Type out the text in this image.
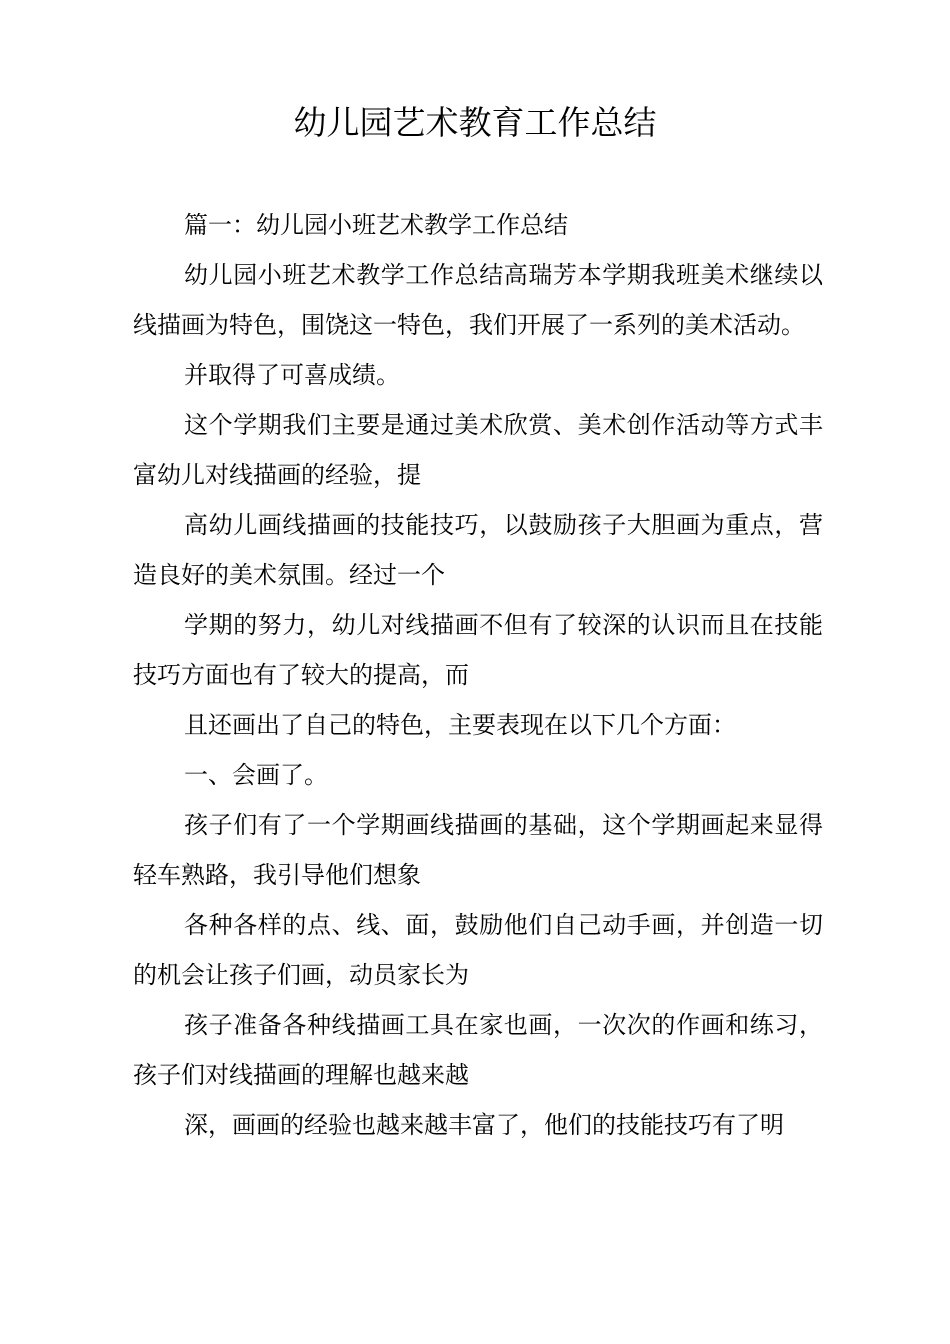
幼儿园艺术教育工作总结

篇一：幼儿园小班艺术教学工作总结

幼儿园小班艺术教学工作总结高瑞芳本学期我班美术继续以线描画为特色，围饶这一特色，我们开展了一系列的美术活动。

并取得了可喜成绩。

这个学期我们主要是通过美术欣赏、美术创作活动等方式丰富幼儿对线描画的经验，提

高幼儿画线描画的技能技巧，以鼓励孩子大胆画为重点，营造良好的美术氛围。经过一个

学期的努力，幼儿对线描画不但有了较深的认识而且在技能技巧方面也有了较大的提高，而

且还画出了自己的特色，主要表现在以下几个方面：

一、会画了。

孩子们有了一个学期画线描画的基础，这个学期画起来显得轻车熟路，我引导他们想象

各种各样的点、线、面，鼓励他们自己动手画，并创造一切的机会让孩子们画，动员家长为

孩子准备各种线描画工具在家也画，一次次的作画和练习，孩子们对线描画的理解也越来越

深，画画的经验也越来越丰富了，他们的技能技巧有了明
